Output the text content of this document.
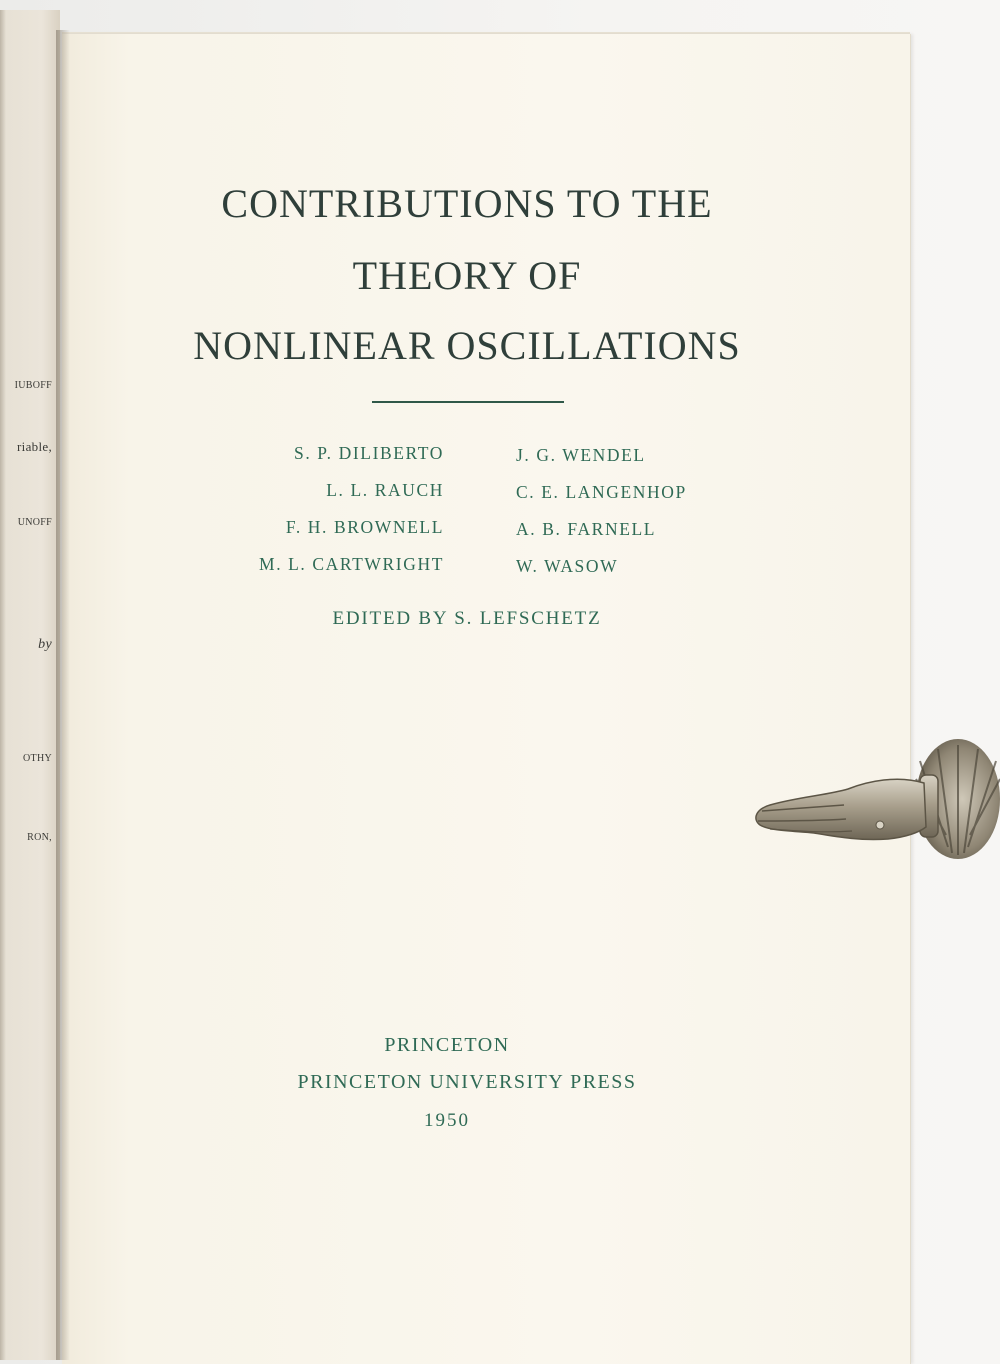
IUBOFF
riable,
UNOFF
by
OTHY
RON,
CONTRIBUTIONS TO THE
THEORY OF
NONLINEAR OSCILLATIONS
S. P. DILIBERTO
L. L. RAUCH
F. H. BROWNELL
M. L. CARTWRIGHT
J. G. WENDEL
C. E. LANGENHOP
A. B. FARNELL
W. WASOW
EDITED BY S. LEFSCHETZ
PRINCETON
PRINCETON UNIVERSITY PRESS
1950
